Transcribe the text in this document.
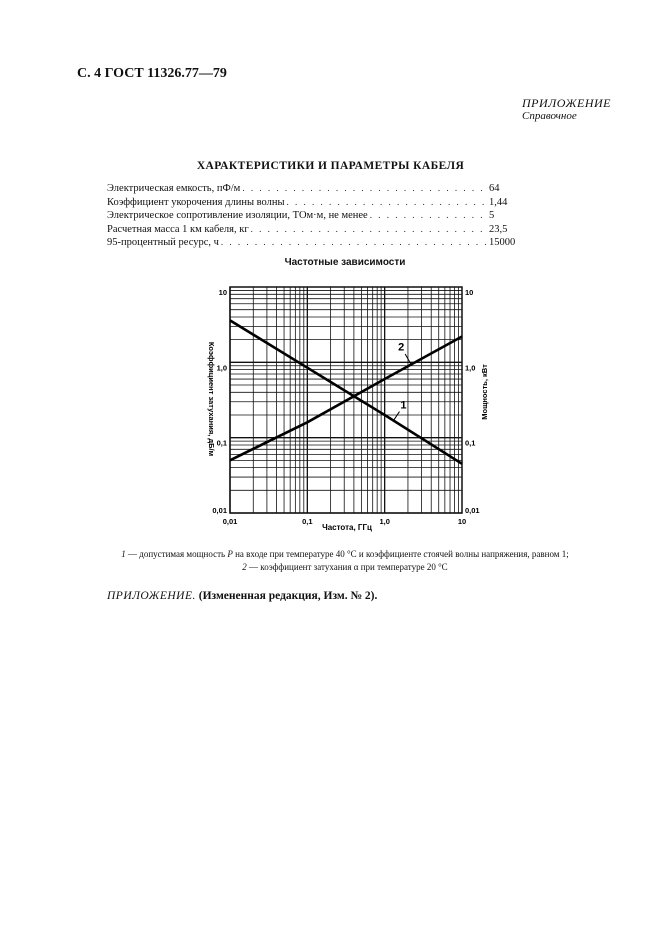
С. 4 ГОСТ 11326.77—79
ПРИЛОЖЕНИЕ
Справочное
ХАРАКТЕРИСТИКИ И ПАРАМЕТРЫ КАБЕЛЯ
Электрическая емкость, пФ/м . . .	64
Коэффициент укорочения длины волны . . .	1,44
Электрическое сопротивление изоляции, ТОм·м, не менее . . .	5
Расчетная масса 1 км кабеля, кг . . .	23,5
95-процентный ресурс, ч . . .	15000
Частотные зависимости
1
2
0,01	0,1	1,0	10
0,01	0,01
0,1	0,1
1,0	1,0
10	10
Частота, ГГц
Коэффициент затухания, дБ/м	Мощность, кВт
1 — допустимая мощность P на входе при температуре 40 °С и коэффициенте стоячей волны напряжения, равном 1;
2 — коэффициент затухания α при температуре 20 °С
ПРИЛОЖЕНИЕ. (Измененная редакция, Изм. № 2).
